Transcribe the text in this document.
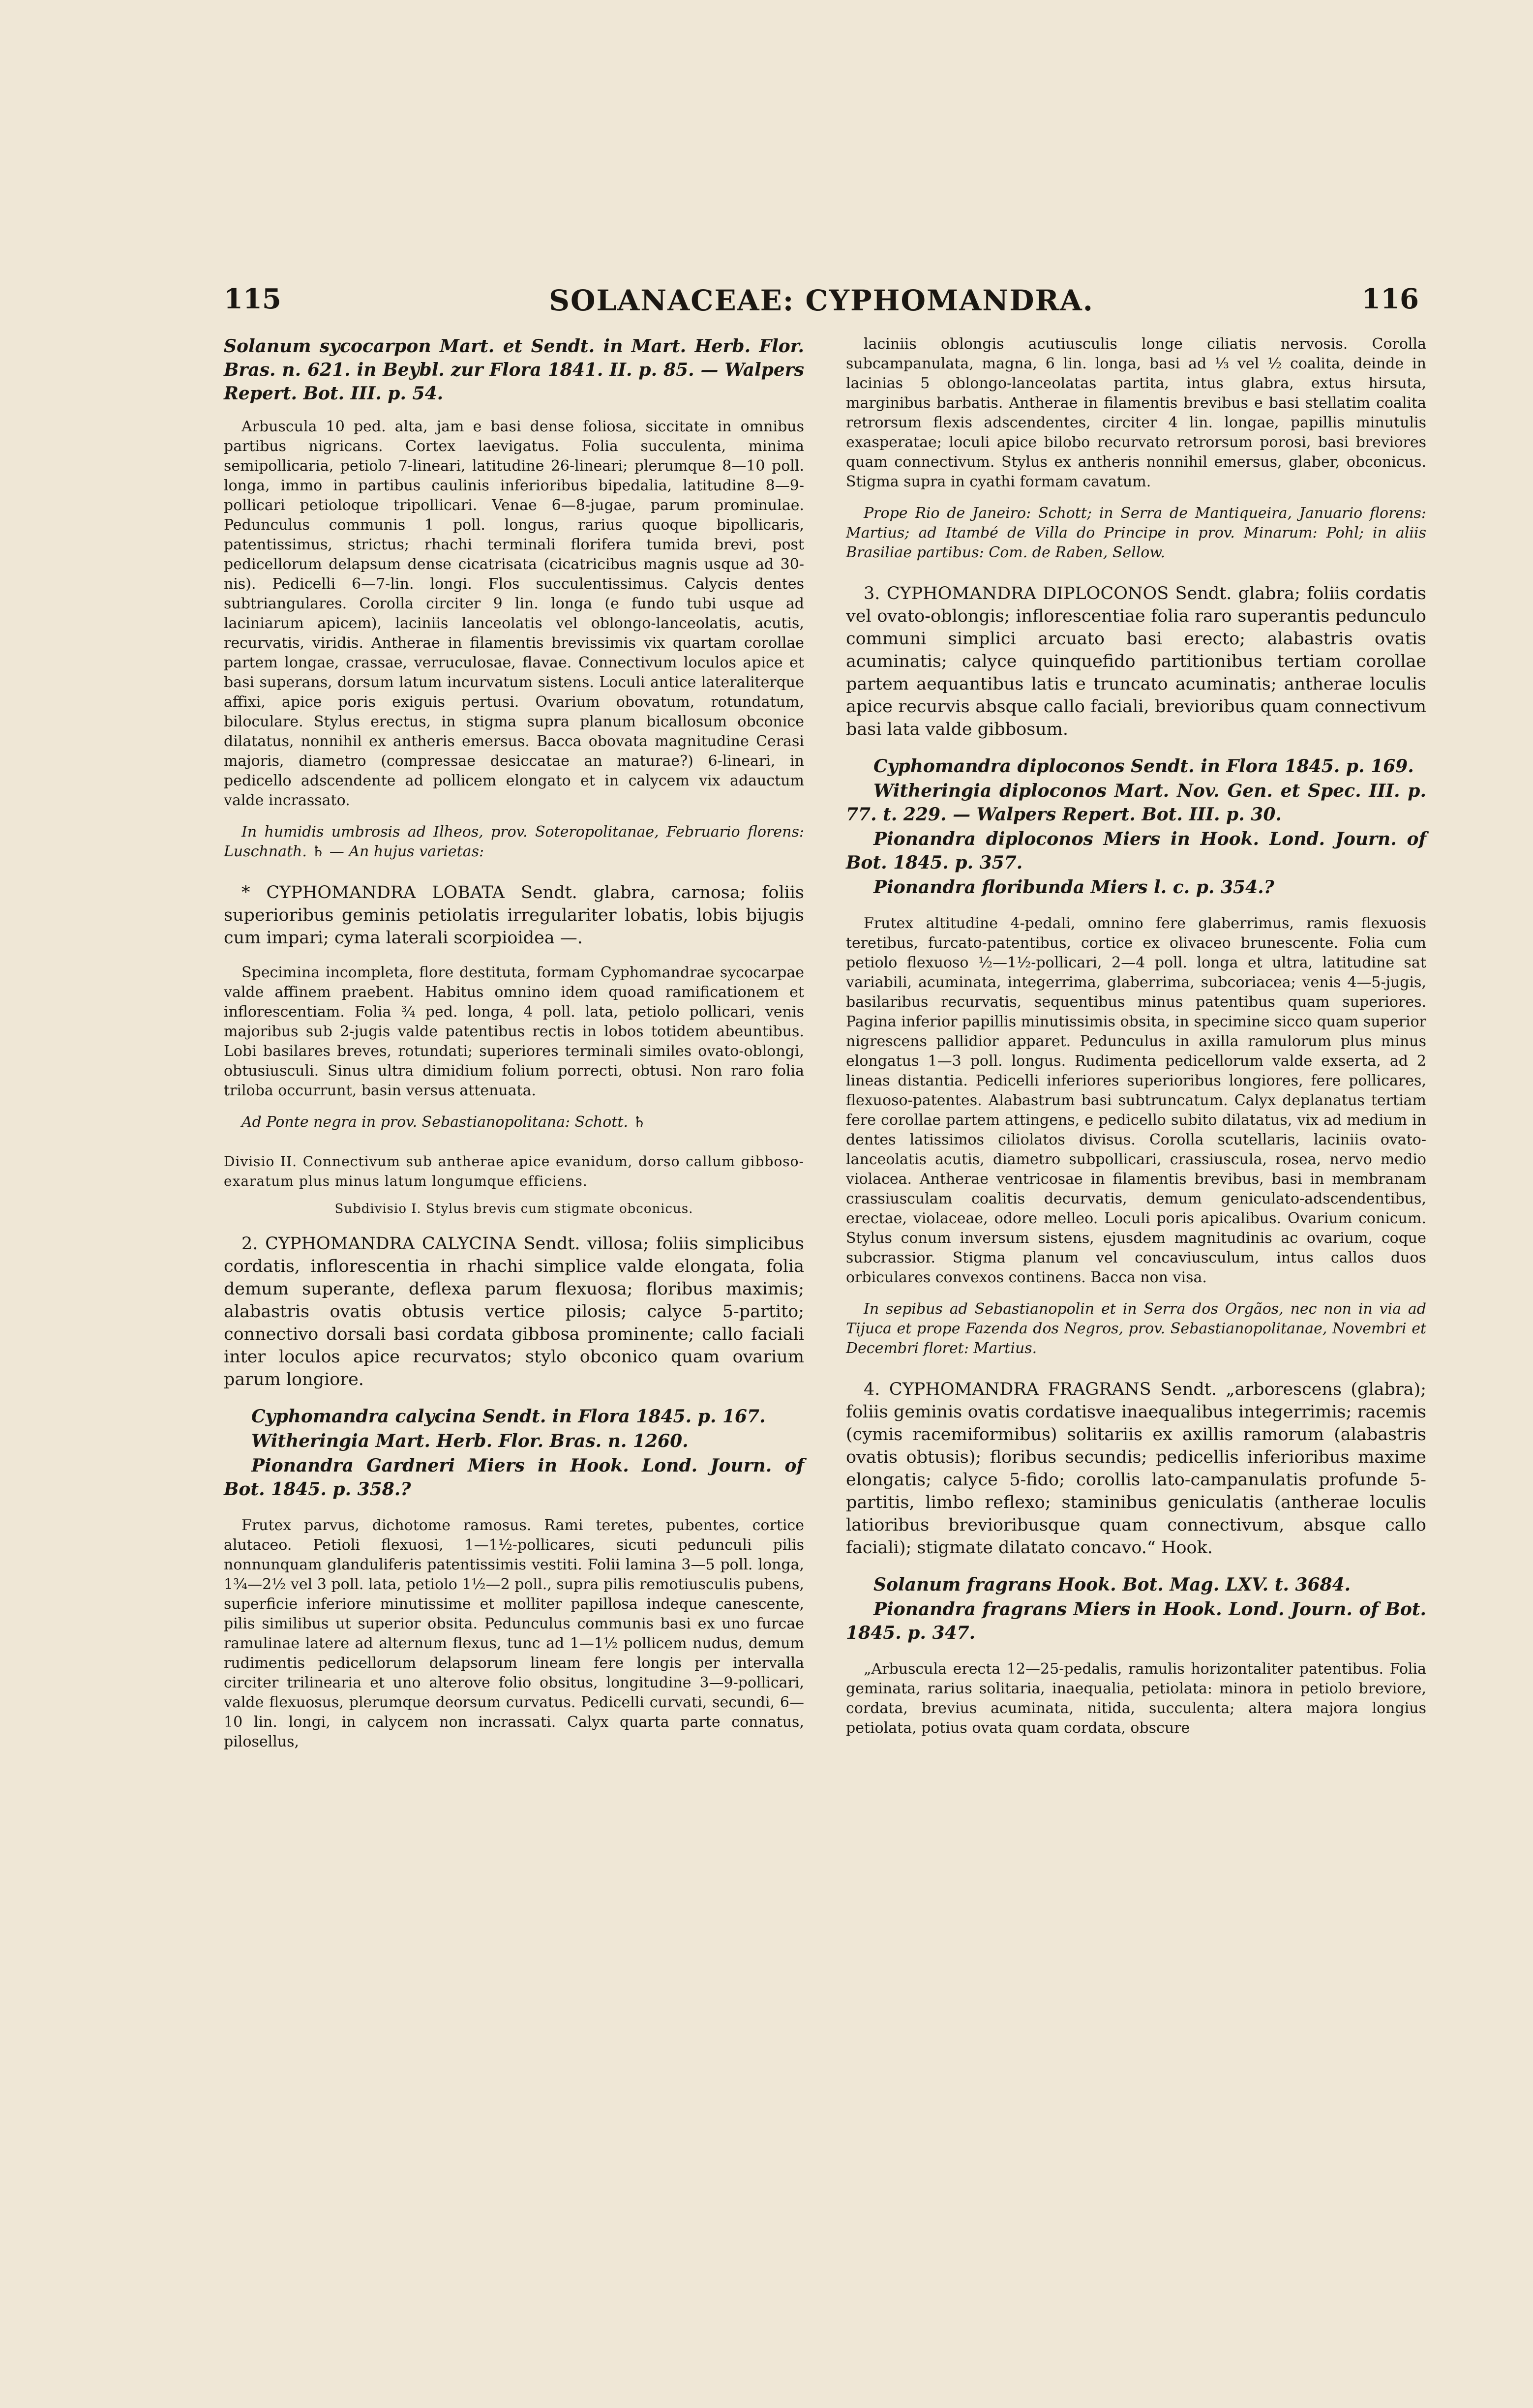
115	SOLANACEAE: CYPHOMANDRA.	116

Solanum sycocarpon Mart. et Sendt. in Mart. Herb. Flor. Bras. n. 621. in Beybl. zur Flora 1841. II. p. 85. — Walpers Repert. Bot. III. p. 54.

Arbuscula 10 ped. alta, jam e basi dense foliosa, siccitate in omnibus partibus nigricans. Cortex laevigatus. Folia succulenta, minima semipollicaria, petiolo 7-lineari, latitudine 26-lineari; plerumque 8—10 poll. longa, immo in partibus caulinis inferioribus bipedalia, latitudine 8—9-pollicari petioloque tripollicari. Venae 6—8-jugae, parum prominulae. Pedunculus communis 1 poll. longus, rarius quoque bipollicaris, patentissimus, strictus; rhachi terminali florifera tumida brevi, post pedicellorum delapsum dense cicatrisata (cicatricibus magnis usque ad 30-nis). Pedicelli 6—7-lin. longi. Flos succulentissimus. Calycis dentes subtriangulares. Corolla circiter 9 lin. longa (e fundo tubi usque ad laciniarum apicem), laciniis lanceolatis vel oblongo-lanceolatis, acutis, recurvatis, viridis. Antherae in filamentis brevissimis vix quartam corollae partem longae, crassae, verruculosae, flavae. Connectivum loculos apice et basi superans, dorsum latum incurvatum sistens. Loculi antice lateraliterque affixi, apice poris exiguis pertusi. Ovarium obovatum, rotundatum, biloculare. Stylus erectus, in stigma supra planum bicallosum obconice dilatatus, nonnihil ex antheris emersus. Bacca obovata magnitudine Cerasi majoris, diametro (compressae desiccatae an maturae?) 6-lineari, in pedicello adscendente ad pollicem elongato et in calycem vix adauctum valde incrassato.

In humidis umbrosis ad Ilheos, prov. Soteropolitanae, Februario florens: Luschnath. ♄ — An hujus varietas:

* CYPHOMANDRA LOBATA Sendt. glabra, carnosa; foliis superioribus geminis petiolatis irregulariter lobatis, lobis bijugis cum impari; cyma laterali scorpioidea —.

Specimina incompleta, flore destituta, formam Cyphomandrae sycocarpae valde affinem praebent. Habitus omnino idem quoad ramificationem et inflorescentiam. Folia ¾ ped. longa, 4 poll. lata, petiolo pollicari, venis majoribus sub 2-jugis valde patentibus rectis in lobos totidem abeuntibus. Lobi basilares breves, rotundati; superiores terminali similes ovato-oblongi, obtusiusculi. Sinus ultra dimidium folium porrecti, obtusi. Non raro folia triloba occurrunt, basin versus attenuata.

Ad Ponte negra in prov. Sebastianopolitana: Schott. ♄

Divisio II. Connectivum sub antherae apice evanidum, dorso callum gibboso-exaratum plus minus latum longumque efficiens.

Subdivisio I. Stylus brevis cum stigmate obconicus.

2. CYPHOMANDRA CALYCINA Sendt. villosa; foliis simplicibus cordatis, inflorescentia in rhachi simplice valde elongata, folia demum superante, deflexa parum flexuosa; floribus maximis; alabastris ovatis obtusis vertice pilosis; calyce 5-partito; connectivo dorsali basi cordata gibbosa prominente; callo faciali inter loculos apice recurvatos; stylo obconico quam ovarium parum longiore.

Cyphomandra calycina Sendt. in Flora 1845. p. 167.

Witheringia Mart. Herb. Flor. Bras. n. 1260.

Pionandra Gardneri Miers in Hook. Lond. Journ. of Bot. 1845. p. 358.?

Frutex parvus, dichotome ramosus. Rami teretes, pubentes, cortice alutaceo. Petioli flexuosi, 1—1½-pollicares, sicuti pedunculi pilis nonnunquam glanduliferis patentissimis vestiti. Folii lamina 3—5 poll. longa, 1¾—2½ vel 3 poll. lata, petiolo 1½—2 poll., supra pilis remotiusculis pubens, superficie inferiore minutissime et molliter papillosa indeque canescente, pilis similibus ut superior obsita. Pedunculus communis basi ex uno furcae ramulinae latere ad alternum flexus, tunc ad 1—1½ pollicem nudus, demum rudimentis pedicellorum delapsorum lineam fere longis per intervalla circiter trilinearia et uno alterove folio obsitus, longitudine 3—9-pollicari, valde flexuosus, plerumque deorsum curvatus. Pedicelli curvati, secundi, 6—10 lin. longi, in calycem non incrassati. Calyx quarta parte connatus, pilosellus,

laciniis oblongis acutiusculis longe ciliatis nervosis. Corolla subcampanulata, magna, 6 lin. longa, basi ad ⅓ vel ½ coalita, deinde in lacinias 5 oblongo-lanceolatas partita, intus glabra, extus hirsuta, marginibus barbatis. Antherae in filamentis brevibus e basi stellatim coalita retrorsum flexis adscendentes, circiter 4 lin. longae, papillis minutulis exasperatae; loculi apice bilobo recurvato retrorsum porosi, basi breviores quam connectivum. Stylus ex antheris nonnihil emersus, glaber, obconicus. Stigma supra in cyathi formam cavatum.

Prope Rio de Janeiro: Schott; in Serra de Mantiqueira, Januario florens: Martius; ad Itambé de Villa do Principe in prov. Minarum: Pohl; in aliis Brasiliae partibus: Com. de Raben, Sellow.

3. CYPHOMANDRA DIPLOCONOS Sendt. glabra; foliis cordatis vel ovato-oblongis; inflorescentiae folia raro superantis pedunculo communi simplici arcuato basi erecto; alabastris ovatis acuminatis; calyce quinquefido partitionibus tertiam corollae partem aequantibus latis e truncato acuminatis; antherae loculis apice recurvis absque callo faciali, brevioribus quam connectivum basi lata valde gibbosum.

Cyphomandra diploconos Sendt. in Flora 1845. p. 169.

Witheringia diploconos Mart. Nov. Gen. et Spec. III. p. 77. t. 229. — Walpers Repert. Bot. III. p. 30.

Pionandra diploconos Miers in Hook. Lond. Journ. of Bot. 1845. p. 357.

Pionandra floribunda Miers l. c. p. 354.?

Frutex altitudine 4-pedali, omnino fere glaberrimus, ramis flexuosis teretibus, furcato-patentibus, cortice ex olivaceo brunescente. Folia cum petiolo flexuoso ½—1½-pollicari, 2—4 poll. longa et ultra, latitudine sat variabili, acuminata, integerrima, glaberrima, subcoriacea; venis 4—5-jugis, basilaribus recurvatis, sequentibus minus patentibus quam superiores. Pagina inferior papillis minutissimis obsita, in specimine sicco quam superior nigrescens pallidior apparet. Pedunculus in axilla ramulorum plus minus elongatus 1—3 poll. longus. Rudimenta pedicellorum valde exserta, ad 2 lineas distantia. Pedicelli inferiores superioribus longiores, fere pollicares, flexuoso-patentes. Alabastrum basi subtruncatum. Calyx deplanatus tertiam fere corollae partem attingens, e pedicello subito dilatatus, vix ad medium in dentes latissimos ciliolatos divisus. Corolla scutellaris, laciniis ovato-lanceolatis acutis, diametro subpollicari, crassiuscula, rosea, nervo medio violacea. Antherae ventricosae in filamentis brevibus, basi in membranam crassiusculam coalitis decurvatis, demum geniculato-adscendentibus, erectae, violaceae, odore melleo. Loculi poris apicalibus. Ovarium conicum. Stylus conum inversum sistens, ejusdem magnitudinis ac ovarium, coque subcrassior. Stigma planum vel concaviusculum, intus callos duos orbiculares convexos continens. Bacca non visa.

In sepibus ad Sebastianopolin et in Serra dos Orgãos, nec non in via ad Tijuca et prope Fazenda dos Negros, prov. Sebastianopolitanae, Novembri et Decembri floret: Martius.

4. CYPHOMANDRA FRAGRANS Sendt. „arborescens (glabra); foliis geminis ovatis cordatisve inaequalibus integerrimis; racemis (cymis racemiformibus) solitariis ex axillis ramorum (alabastris ovatis obtusis); floribus secundis; pedicellis inferioribus maxime elongatis; calyce 5-fido; corollis lato-campanulatis profunde 5-partitis, limbo reflexo; staminibus geniculatis (antherae loculis latioribus brevioribusque quam connectivum, absque callo faciali); stigmate dilatato concavo.“ Hook.

Solanum fragrans Hook. Bot. Mag. LXV. t. 3684.

Pionandra fragrans Miers in Hook. Lond. Journ. of Bot. 1845. p. 347.

„Arbuscula erecta 12—25-pedalis, ramulis horizontaliter patentibus. Folia geminata, rarius solitaria, inaequalia, petiolata: minora in petiolo breviore, cordata, brevius acuminata, nitida, succulenta; altera majora longius petiolata, potius ovata quam cordata, obscure
